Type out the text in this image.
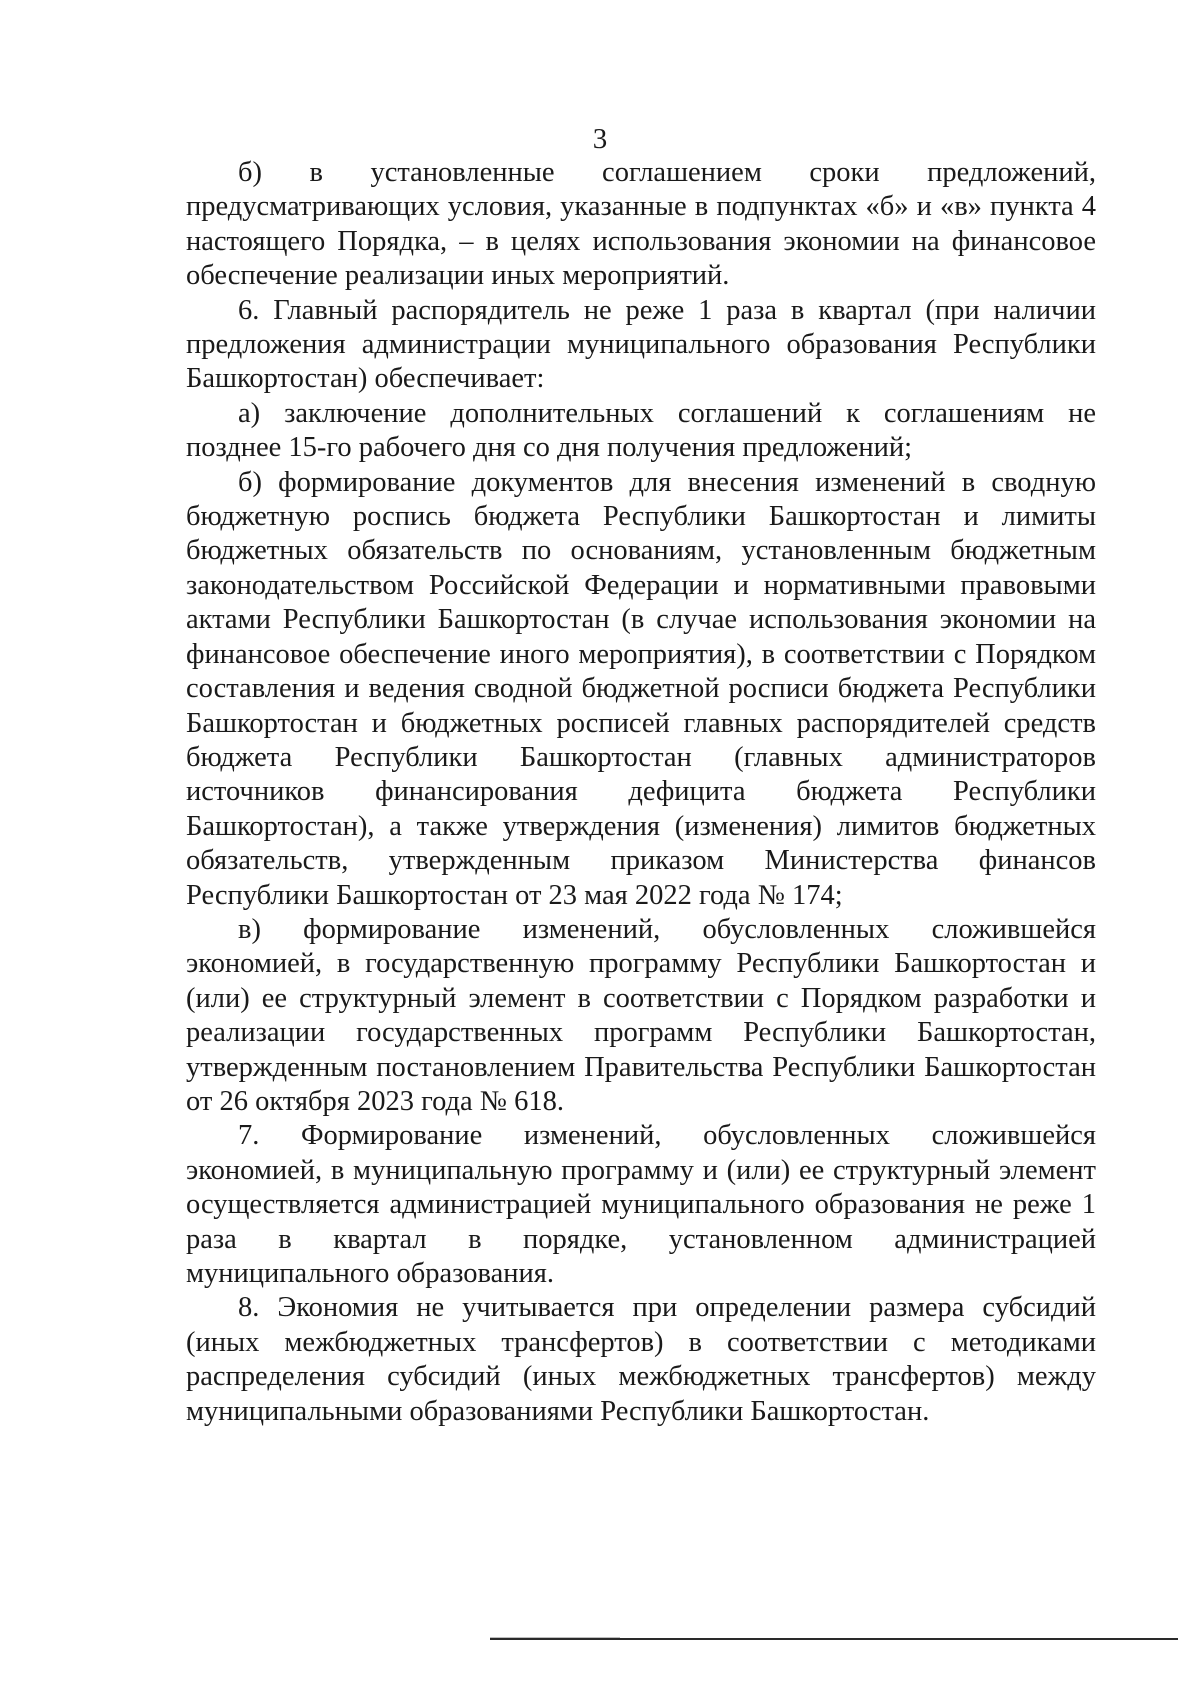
3

б) в установленные соглашением сроки предложений, предусматривающих условия, указанные в подпунктах «б» и «в» пункта 4 настоящего Порядка, – в целях использования экономии на финансовое обеспечение реализации иных мероприятий.

6. Главный распорядитель не реже 1 раза в квартал (при наличии предложения администрации муниципального образования Республики Башкортостан) обеспечивает:

а) заключение дополнительных соглашений к соглашениям не позднее 15-го рабочего дня со дня получения предложений;

б) формирование документов для внесения изменений в сводную бюджетную роспись бюджета Республики Башкортостан и лимиты бюджетных обязательств по основаниям, установленным бюджетным законодательством Российской Федерации и нормативными правовыми актами Республики Башкортостан (в случае использования экономии на финансовое обеспечение иного мероприятия), в соответствии с Порядком составления и ведения сводной бюджетной росписи бюджета Республики Башкортостан и бюджетных росписей главных распорядителей средств бюджета Республики Башкортостан (главных администраторов источников финансирования дефицита бюджета Республики Башкортостан), а также утверждения (изменения) лимитов бюджетных обязательств, утвержденным приказом Министерства финансов Республики Башкортостан от 23 мая 2022 года № 174;

в) формирование изменений, обусловленных сложившейся экономией, в государственную программу Республики Башкортостан и (или) ее структурный элемент в соответствии с Порядком разработки и реализации государственных программ Республики Башкортостан, утвержденным постановлением Правительства Республики Башкортостан от 26 октября 2023 года № 618.

7. Формирование изменений, обусловленных сложившейся экономией, в муниципальную программу и (или) ее структурный элемент осуществляется администрацией муниципального образования не реже 1 раза в квартал в порядке, установленном администрацией муниципального образования.

8. Экономия не учитывается при определении размера субсидий (иных межбюджетных трансфертов) в соответствии с методиками распределения субсидий (иных межбюджетных трансфертов) между муниципальными образованиями Республики Башкортостан.
